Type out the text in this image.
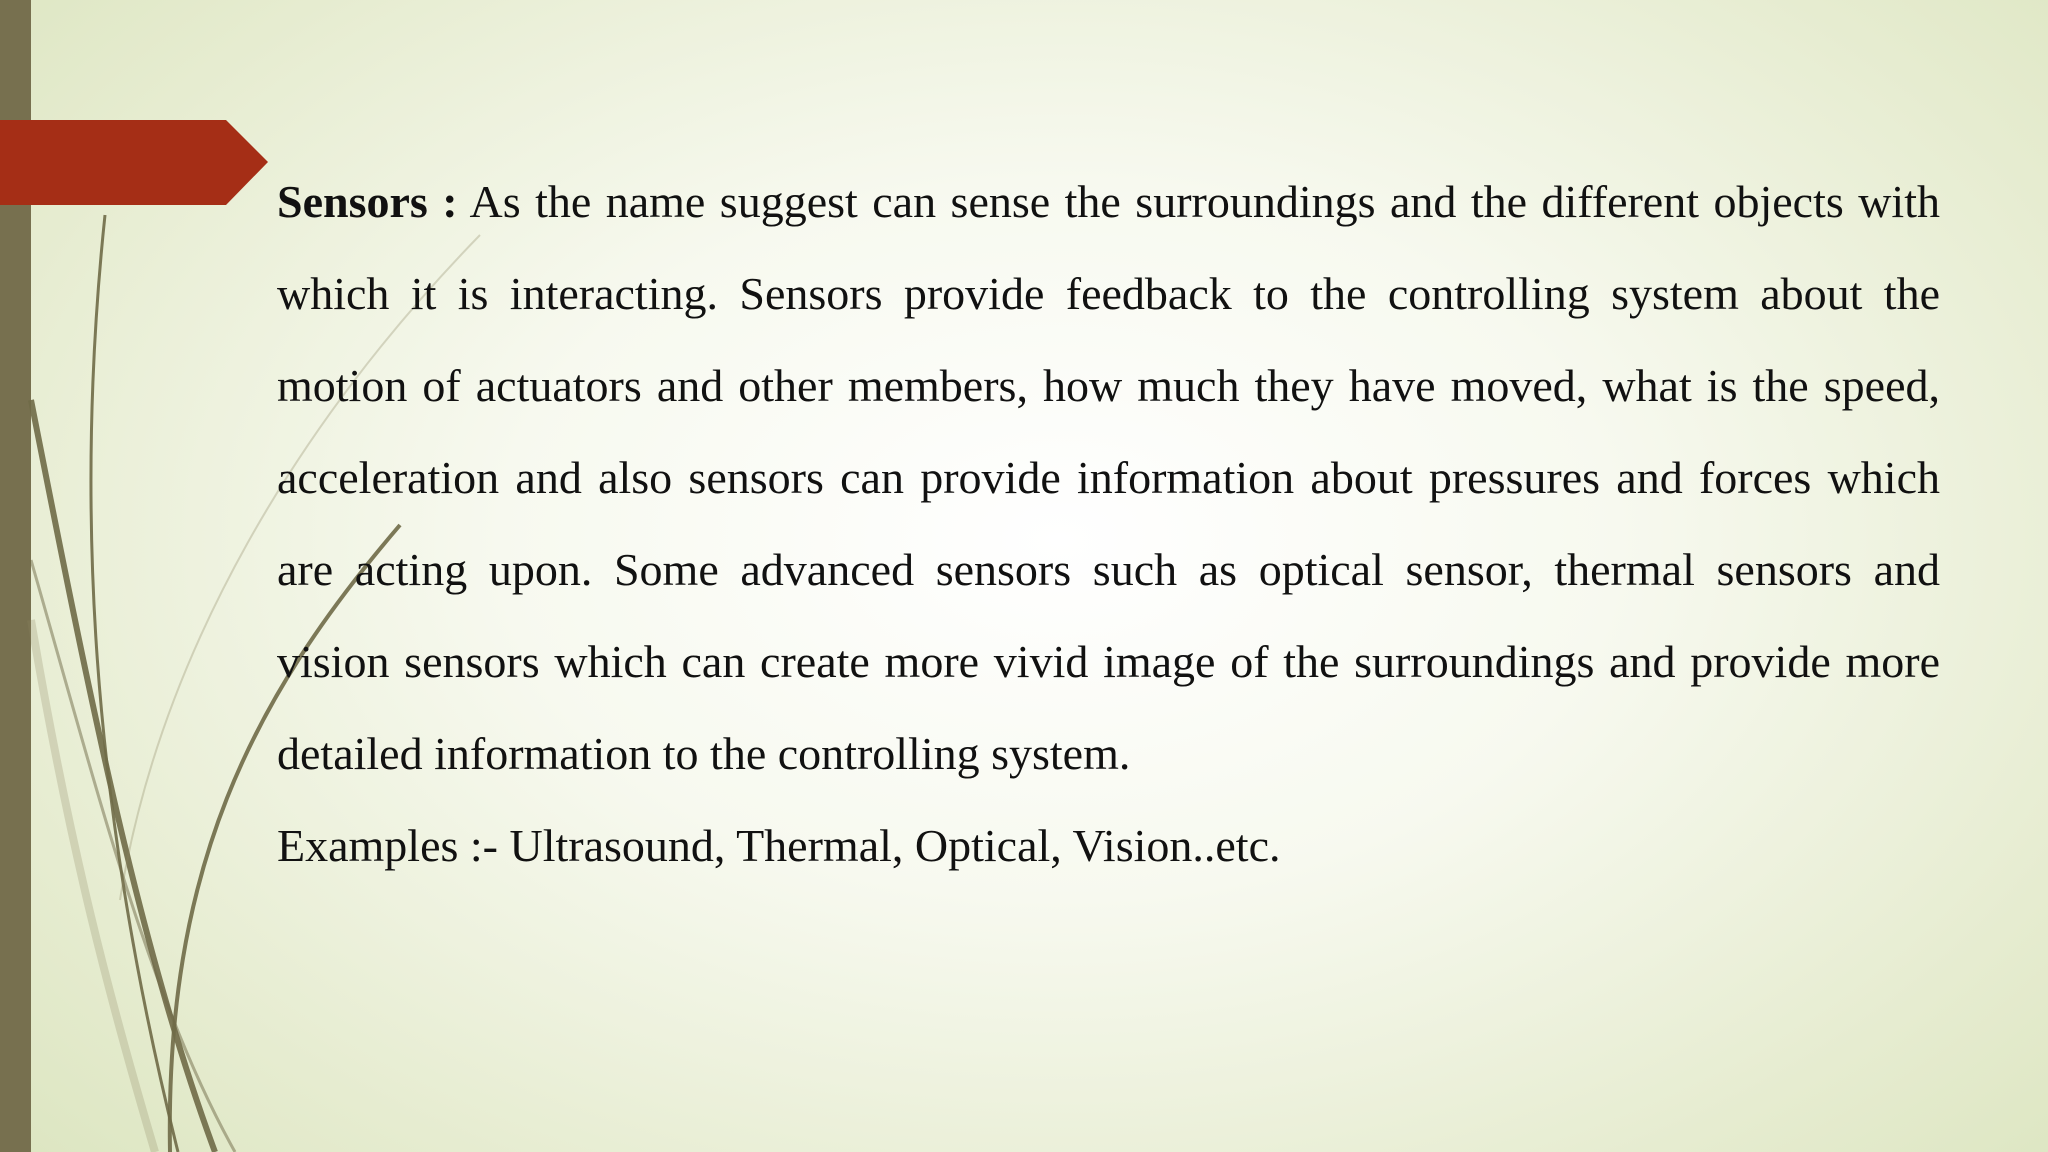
Sensors : As the name suggest can sense the surroundings and the different objects with which it is interacting. Sensors provide feedback to the controlling system about the motion of actuators and other members, how much they have moved, what is the speed, acceleration and also sensors can provide information about pressures and forces which are acting upon. Some advanced sensors such as optical sensor, thermal sensors and vision sensors which can create more vivid image of the surroundings and provide more detailed information to the controlling system.

Examples :- Ultrasound, Thermal, Optical, Vision..etc.
